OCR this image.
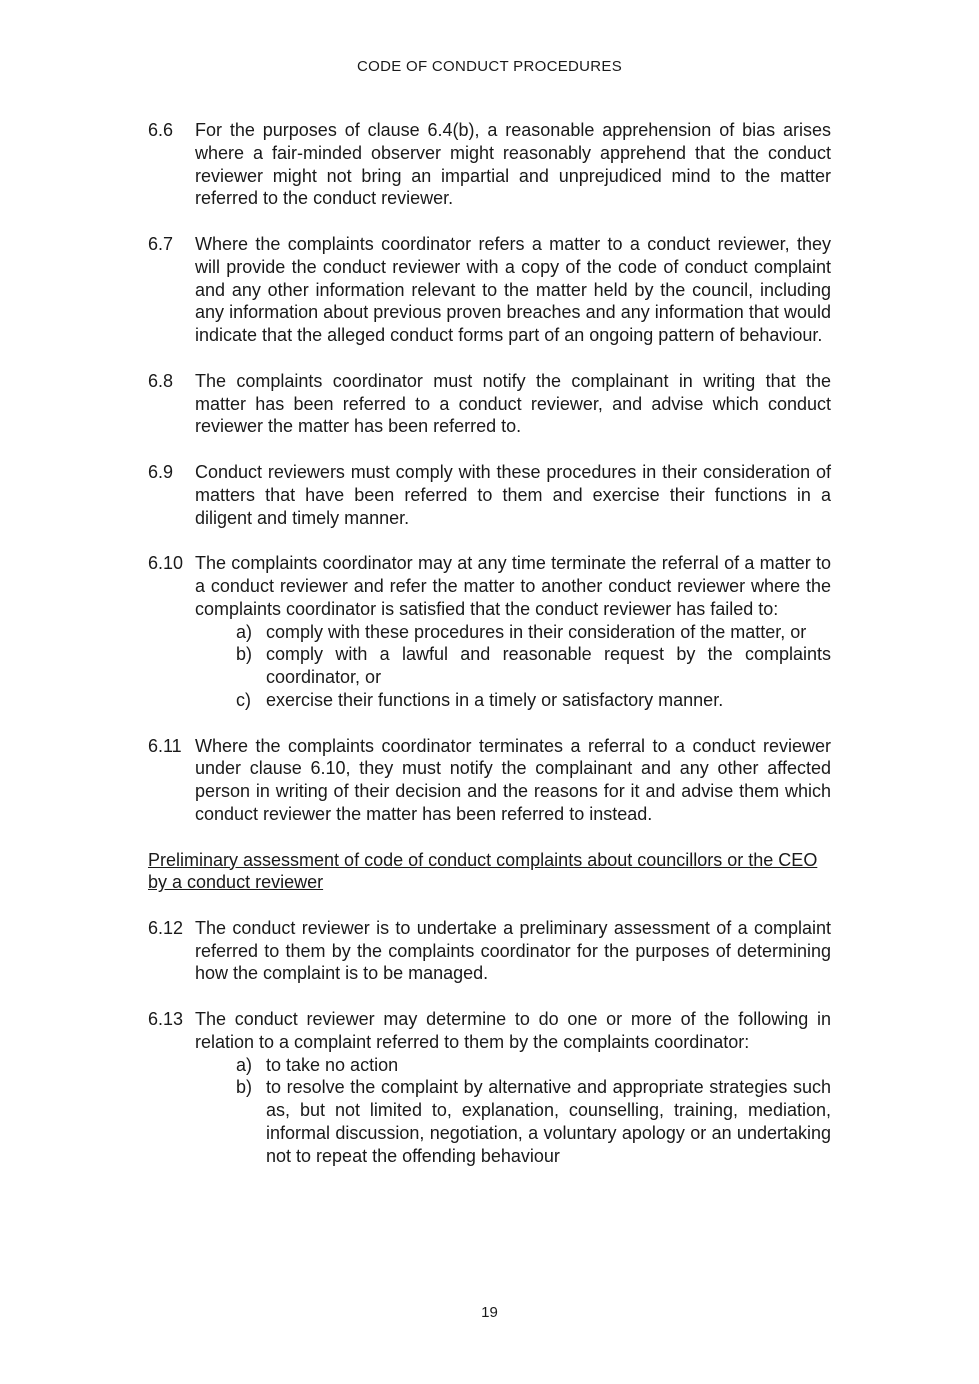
CODE OF CONDUCT PROCEDURES
6.6	For the purposes of clause 6.4(b), a reasonable apprehension of bias arises where a fair-minded observer might reasonably apprehend that the conduct reviewer might not bring an impartial and unprejudiced mind to the matter referred to the conduct reviewer.
6.7	Where the complaints coordinator refers a matter to a conduct reviewer, they will provide the conduct reviewer with a copy of the code of conduct complaint and any other information relevant to the matter held by the council, including any information about previous proven breaches and any information that would indicate that the alleged conduct forms part of an ongoing pattern of behaviour.
6.8	The complaints coordinator must notify the complainant in writing that the matter has been referred to a conduct reviewer, and advise which conduct reviewer the matter has been referred to.
6.9	Conduct reviewers must comply with these procedures in their consideration of matters that have been referred to them and exercise their functions in a diligent and timely manner.
6.10 The complaints coordinator may at any time terminate the referral of a matter to a conduct reviewer and refer the matter to another conduct reviewer where the complaints coordinator is satisfied that the conduct reviewer has failed to:
a) comply with these procedures in their consideration of the matter, or
b) comply with a lawful and reasonable request by the complaints coordinator, or
c) exercise their functions in a timely or satisfactory manner.
6.11 Where the complaints coordinator terminates a referral to a conduct reviewer under clause 6.10, they must notify the complainant and any other affected person in writing of their decision and the reasons for it and advise them which conduct reviewer the matter has been referred to instead.
Preliminary assessment of code of conduct complaints about councillors or the CEO by a conduct reviewer
6.12 The conduct reviewer is to undertake a preliminary assessment of a complaint referred to them by the complaints coordinator for the purposes of determining how the complaint is to be managed.
6.13 The conduct reviewer may determine to do one or more of the following in relation to a complaint referred to them by the complaints coordinator:
a) to take no action
b) to resolve the complaint by alternative and appropriate strategies such as, but not limited to, explanation, counselling, training, mediation, informal discussion, negotiation, a voluntary apology or an undertaking not to repeat the offending behaviour
19
